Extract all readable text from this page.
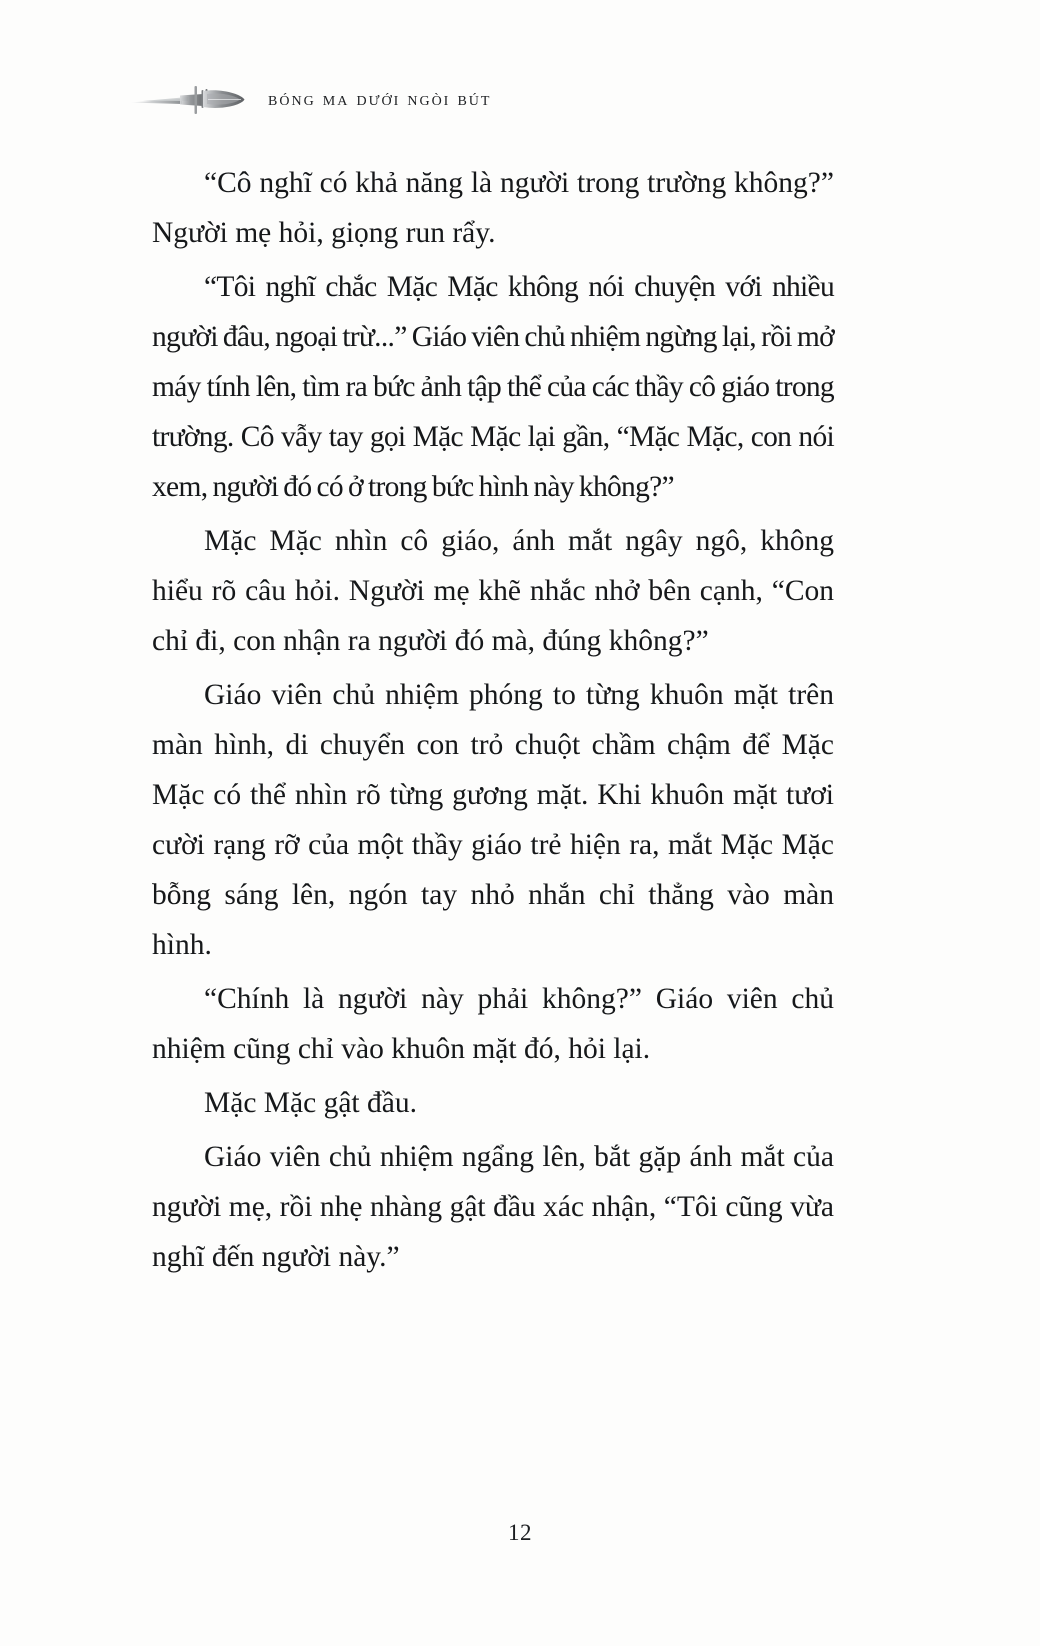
bóng ma dưới ngòi bút

“Cô nghĩ có khả năng là người trong trường không?” Người mẹ hỏi, giọng run rẩy.

“Tôi nghĩ chắc Mặc Mặc không nói chuyện với nhiều người đâu, ngoại trừ...” Giáo viên chủ nhiệm ngừng lại, rồi mở máy tính lên, tìm ra bức ảnh tập thể của các thầy cô giáo trong trường. Cô vẫy tay gọi Mặc Mặc lại gần, “Mặc Mặc, con nói xem, người đó có ở trong bức hình này không?”

Mặc Mặc nhìn cô giáo, ánh mắt ngây ngô, không hiểu rõ câu hỏi. Người mẹ khẽ nhắc nhở bên cạnh, “Con chỉ đi, con nhận ra người đó mà, đúng không?”

Giáo viên chủ nhiệm phóng to từng khuôn mặt trên màn hình, di chuyển con trỏ chuột chầm chậm để Mặc Mặc có thể nhìn rõ từng gương mặt. Khi khuôn mặt tươi cười rạng rỡ của một thầy giáo trẻ hiện ra, mắt Mặc Mặc bỗng sáng lên, ngón tay nhỏ nhắn chỉ thẳng vào màn hình.

“Chính là người này phải không?” Giáo viên chủ nhiệm cũng chỉ vào khuôn mặt đó, hỏi lại.

Mặc Mặc gật đầu.

Giáo viên chủ nhiệm ngẩng lên, bắt gặp ánh mắt của người mẹ, rồi nhẹ nhàng gật đầu xác nhận, “Tôi cũng vừa nghĩ đến người này.”

12
